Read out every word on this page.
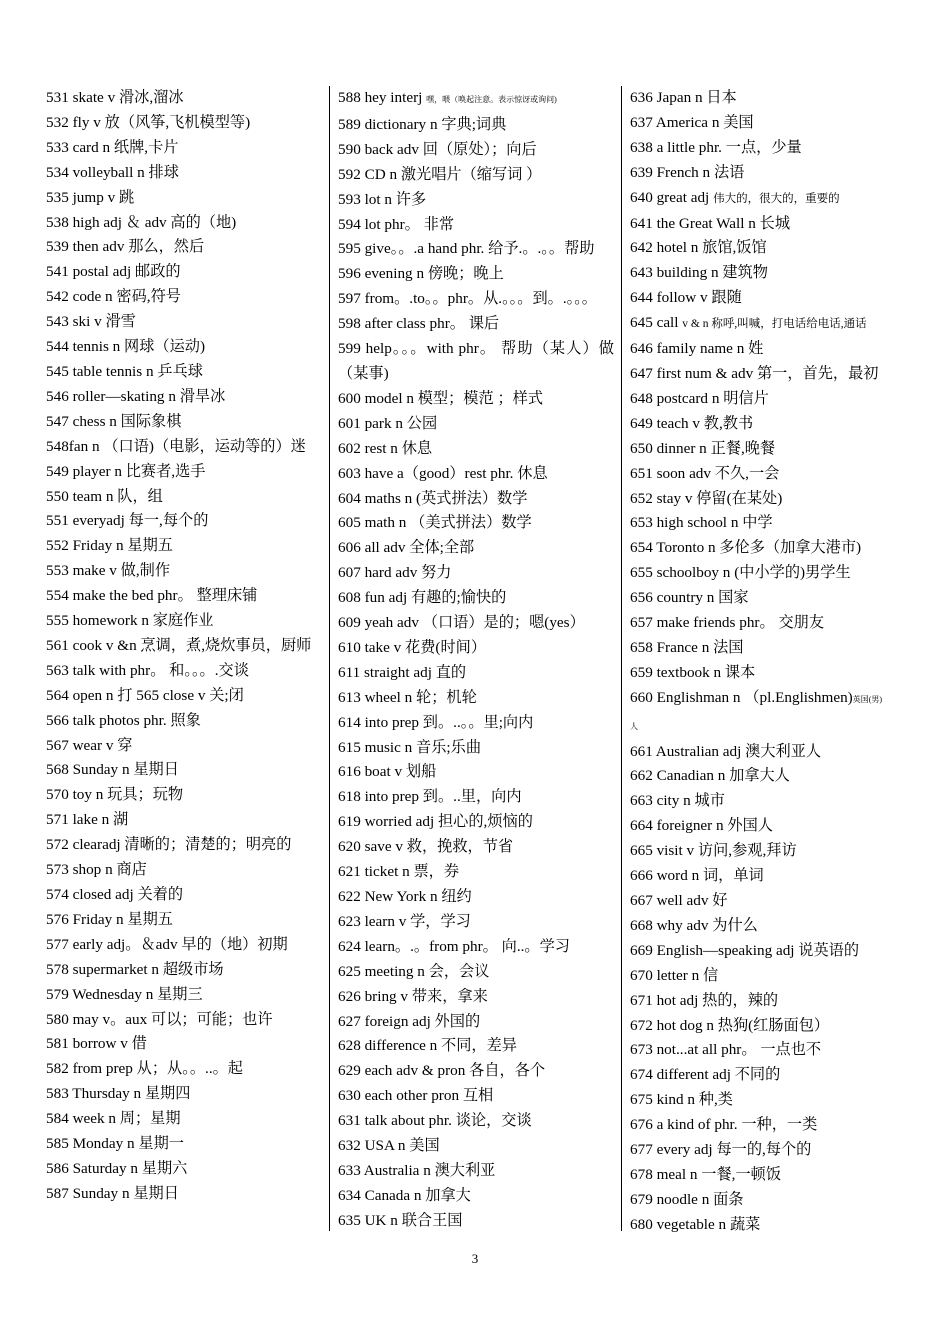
531 skate v 滑冰,溜冰
532 fly v 放（风筝,飞机模型等)
533 card n 纸牌,卡片
534 volleyball n 排球
535 jump v 跳
538 high adj ＆ adv 高的（地)
539 then adv 那么，然后
541 postal adj 邮政的
542 code n 密码,符号
543 ski v 滑雪
544 tennis n 网球（运动)
545 table tennis n 乒乓球
546 roller—skating n 滑旱冰
547 chess n 国际象棋
548fan n （口语)（电影，运动等的）迷
549 player n 比赛者,选手
550 team n 队，组
551 everyadj 每一,每个的
552 Friday n 星期五
553 make v 做,制作
554 make the bed phr。 整理床铺
555 homework n 家庭作业
561 cook v &n 烹调，煮,烧炊事员，厨师
563 talk with phr。 和。。。.交谈
564 open n 打 565 close v 关;闭
566 talk photos phr. 照象
567 wear v 穿
568 Sunday n 星期日
570 toy n 玩具；玩物
571 lake n 湖
572 clearadj 清晰的；清楚的；明亮的
573 shop n 商店
574 closed adj 关着的
576 Friday n 星期五
577 early adj。＆adv 早的（地）初期
578 supermarket n 超级市场
579 Wednesday n 星期三
580 may v。aux 可以；可能；也许
581 borrow v 借
582 from prep 从；从。。..。起
583 Thursday n 星期四
584 week n 周；星期
585 Monday n 星期一
586 Saturday n 星期六
587 Sunday n 星期日
588 hey interj 嘿，喂（唤起注意。表示惊讶或询问)
589 dictionary n 字典;词典
590 back adv 回（原处）；向后
592 CD n 激光唱片（缩写词 ）
593 lot n 许多
594 lot phr。 非常
595 give。。.a hand phr. 给予.。.。。帮助
596 evening n 傍晚；晚上
597 from。.to。。phr。从.。。。到。.。。。
598 after class phr。 课后
599 help。。。with phr。 帮助（某人）做（某事)
600 model n 模型；模范 ；样式
601 park n 公园
602 rest n 休息
603 have a（good）rest phr. 休息
604 maths n (英式拼法）数学
605 math n （美式拼法）数学
606 all adv 全体;全部
607 hard adv 努力
608 fun adj 有趣的;愉快的
609 yeah adv （口语）是的；嗯(yes）
610 take v 花费(时间）
611 straight adj 直的
613 wheel n 轮；机轮
614 into prep 到。..。。里;向内
615 music n 音乐;乐曲
616 boat v 划船
618 into prep 到。..里，向内
619 worried adj 担心的,烦恼的
620 save v 救，挽救，节省
621 ticket n 票，券
622 New York n 纽约
623 learn v 学，学习
624 learn。.。from phr。 向..。学习
625 meeting n 会，会议
626 bring v 带来，拿来
627 foreign adj 外国的
628 difference n 不同，差异
629 each adv & pron 各自，各个
630 each other pron 互相
631 talk about phr. 谈论，交谈
632 USA n 美国
633 Australia n 澳大利亚
634 Canada n 加拿大
635 UK n 联合王国
636 Japan n 日本
637 America n 美国
638 a little phr. 一点，少量
639 French n 法语
640 great adj 伟大的，很大的，重要的
641 the Great Wall n 长城
642 hotel n 旅馆,饭馆
643 building n 建筑物
644 follow v 跟随
645 call v & n 称呼,叫喊，打电话给电话,通话
646 family name n 姓
647 first num & adv 第一，首先，最初
648 postcard n 明信片
649 teach v 教,教书
650 dinner n 正餐,晚餐
651 soon adv 不久,一会
652 stay v 停留(在某处)
653 high school n 中学
654 Toronto n 多伦多（加拿大港市)
655 schoolboy n (中小学的)男学生
656 country n 国家
657 make friends phr。 交朋友
658 France n 法国
659 textbook n 课本
660 Englishman n （pl.Englishmen)英国(男)
人
661 Australian adj 澳大利亚人
662 Canadian n 加拿大人
663 city n 城市
664 foreigner n 外国人
665 visit v 访问,参观,拜访
666 word n 词，单词
667 well adv 好
668 why adv 为什么
669 English—speaking adj 说英语的
670 letter n 信
671 hot adj 热的，辣的
672 hot dog n 热狗(红肠面包）
673 not...at all phr。 一点也不
674 different adj 不同的
675 kind n 种,类
676 a kind of phr. 一种，一类
677 every adj 每一的,每个的
678 meal n 一餐,一顿饭
679 noodle n 面条
680 vegetable n 蔬菜
3
